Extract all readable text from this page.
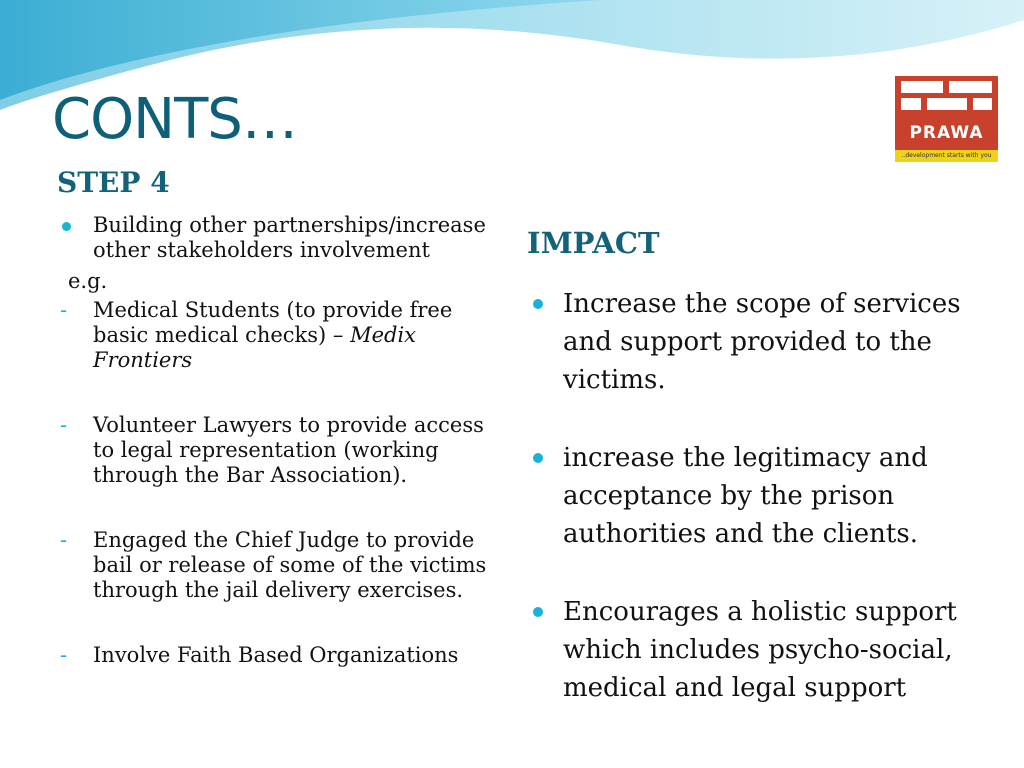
CONTS…
STEP 4
IMPACT
PRAWA
..development starts with you
Building other partnerships/increase other stakeholders involvement
e.g.
- Medical Students (to provide free basic medical checks) – Medix Frontiers
- Volunteer Lawyers to provide access to legal representation (working through the Bar Association).
- Engaged the Chief Judge to provide bail or release of some of the victims through the jail delivery exercises.
- Involve Faith Based Organizations
Increase the scope of services and support provided to the victims.
increase the legitimacy and acceptance by the prison authorities and the clients.
Encourages a holistic support which includes psycho-social, medical and legal support
